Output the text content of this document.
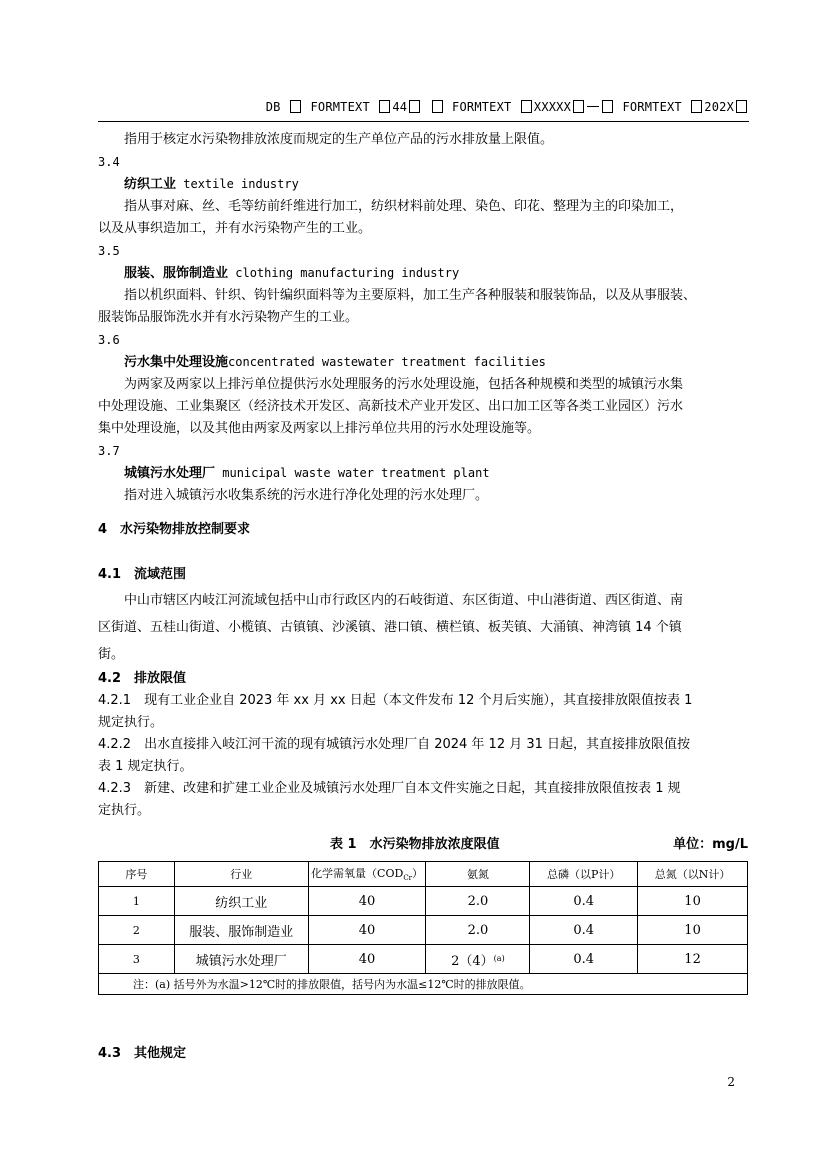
DB FORMTEXT 44	FORMTEXT XXXXX	FORMTEXT 202X

指用于核定水污染物排放浓度而规定的生产单位产品的污水排放量上限值。

3.4

纺织工业 textile industry

指从事对麻、丝、毛等纺前纤维进行加工，纺织材料前处理、染色、印花、整理为主的印染加工，

以及从事织造加工，并有水污染物产生的工业。

3.5

服装、服饰制造业 clothing manufacturing industry

指以机织面料、针织、钩针编织面料等为主要原料，加工生产各种服装和服装饰品，以及从事服装、

服装饰品服饰洗水并有水污染物产生的工业。

3.6

污水集中处理设施concentrated wastewater treatment facilities

为两家及两家以上排污单位提供污水处理服务的污水处理设施，包括各种规模和类型的城镇污水集

中处理设施、工业集聚区（经济技术开发区、高新技术产业开发区、出口加工区等各类工业园区）污水

集中处理设施，以及其他由两家及两家以上排污单位共用的污水处理设施等。

3.7

城镇污水处理厂 municipal waste water treatment plant

指对进入城镇污水收集系统的污水进行净化处理的污水处理厂。

4　水污染物排放控制要求

4.1　流域范围

中山市辖区内岐江河流域包括中山市行政区内的石岐街道、东区街道、中山港街道、西区街道、南

区街道、五桂山街道、小榄镇、古镇镇、沙溪镇、港口镇、横栏镇、板芙镇、大涌镇、神湾镇 14 个镇

街。

4.2　排放限值

4.2.1　现有工业企业自 2023 年 xx 月 xx 日起（本文件发布 12 个月后实施），其直接排放限值按表 1

规定执行。

4.2.2　出水直接排入岐江河干流的现有城镇污水处理厂自 2024 年 12 月 31 日起，其直接排放限值按

表 1 规定执行。

4.2.3　新建、改建和扩建工业企业及城镇污水处理厂自本文件实施之日起，其直接排放限值按表 1 规

定执行。

表 1　水污染物排放浓度限值	单位：mg/L
序号	行业	化学需氧量$(COD_{Cr})$	氨氮	总磷（以P计）	总氮（以N计）
1	纺织工业	40	2.0	0.4	10
2	服装、服饰制造业	40	2.0	0.4	10
3	城镇污水处理厂	40	$2(4)^{(a)}$	0.4	12
注：(a) 括号外为水温>12℃时的排放限值，括号内为水温≤12℃时的排放限值。					

4.3　其他规定

2
